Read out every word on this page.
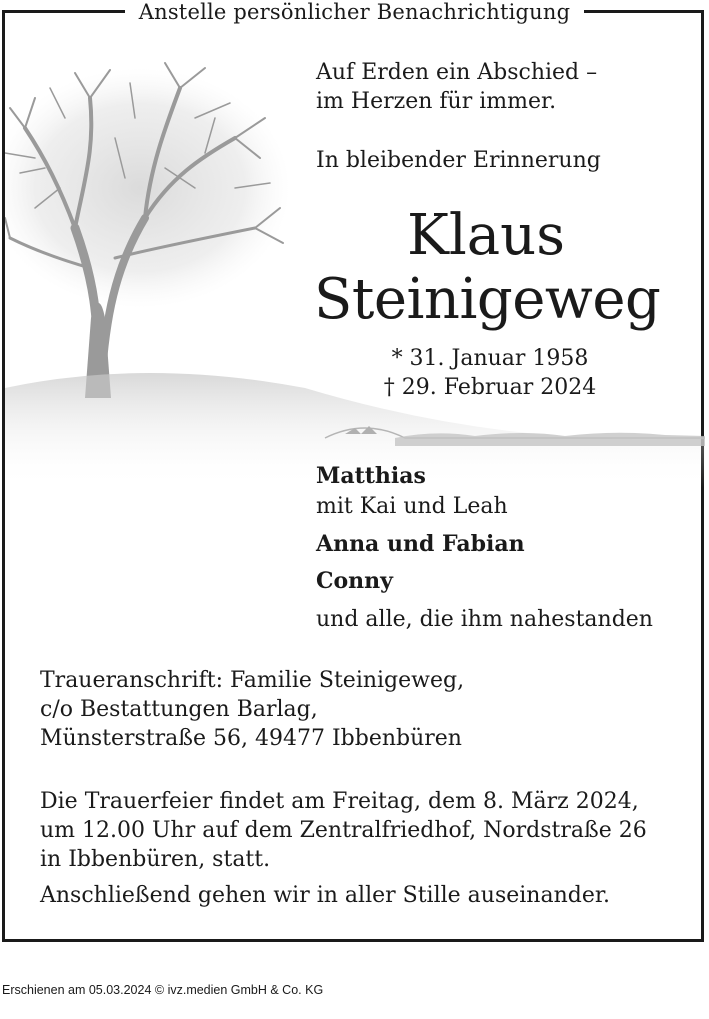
Anstelle persönlicher Benachrichtigung
Auf Erden ein Abschied –
im Herzen für immer.
In bleibender Erinnerung
Klaus
Steinigeweg
* 31. Januar 1958
† 29. Februar 2024
Matthias
mit Kai und Leah
Anna und Fabian
Conny
und alle, die ihm nahestanden
Traueranschrift: Familie Steinigeweg,
c/o Bestattungen Barlag,
Münsterstraße 56, 49477 Ibbenbüren
Die Trauerfeier findet am Freitag, dem 8. März 2024,
um 12.00 Uhr auf dem Zentralfriedhof, Nordstraße 26
in Ibbenbüren, statt.
Anschließend gehen wir in aller Stille auseinander.
Erschienen am 05.03.2024 © ivz.medien GmbH & Co. KG
